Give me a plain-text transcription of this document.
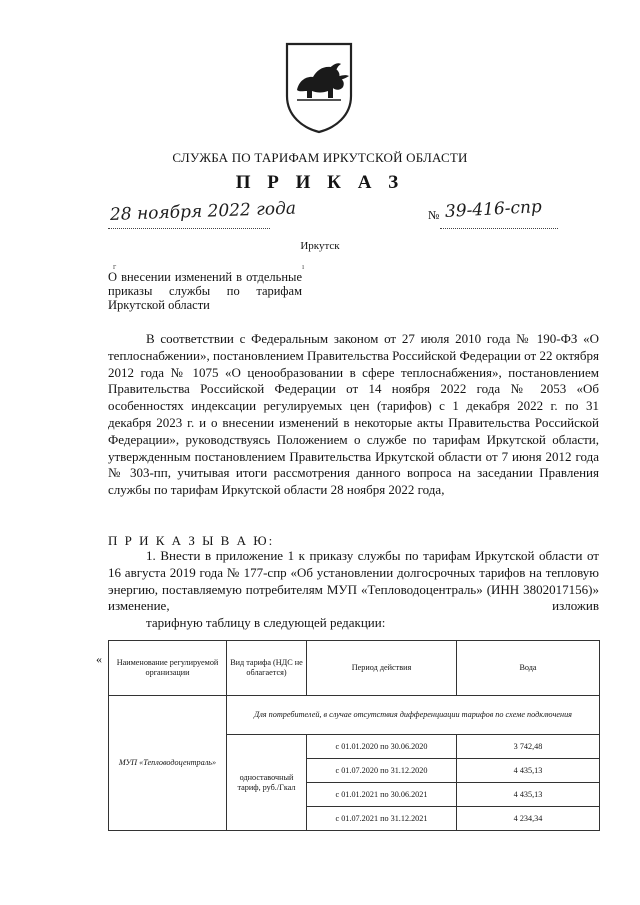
СЛУЖБА ПО ТАРИФАМ ИРКУТСКОЙ ОБЛАСТИ
П Р И К А З
28 ноября 2022 года	№ 39-416-спр
Иркутск
г	ı
О внесении изменений в отдельные приказы службы по тарифам Иркутской области
В соответствии с Федеральным законом от 27 июля 2010 года № 190-ФЗ «О теплоснабжении», постановлением Правительства Российской Федерации от 22 октября 2012 года № 1075 «О ценообразовании в сфере теплоснабжения», постановлением Правительства Российской Федерации от 14 ноября 2022 года № 2053 «Об особенностях индексации регулируемых цен (тарифов) с 1 декабря 2022 г. по 31 декабря 2023 г. и о внесении изменений в некоторые акты Правительства Российской Федерации», руководствуясь Положением о службе по тарифам Иркутской области, утвержденным постановлением Правительства Иркутской области от 7 июня 2012 года № 303-пп, учитывая итоги рассмотрения данного вопроса на заседании Правления службы по тарифам Иркутской области 28 ноября 2022 года,
П Р И К А З Ы В А Ю:
1. Внести в приложение 1 к приказу службы по тарифам Иркутской области от 16 августа 2019 года № 177-спр «Об установлении долгосрочных тарифов на тепловую энергию, поставляемую потребителям МУП «Тепловодоцентраль» (ИНН 3802017156)» изменение, изложив
тарифную таблицу в следующей редакции:
« Наименование регулируемой организации	Вид тарифа (НДС не облагается)	Период действия	Вода
МУП «Тепловодоцентраль»	Для потребителей, в случае отсутствия дифференциации тарифов по схеме подключения		
	одноставочный тариф, руб./Гкал	с 01.01.2020 по 30.06.2020	3 742,48
		с 01.07.2020 по 31.12.2020	4 435,13
		с 01.01.2021 по 30.06.2021	4 435,13
		с 01.07.2021 по 31.12.2021	4 234,34
